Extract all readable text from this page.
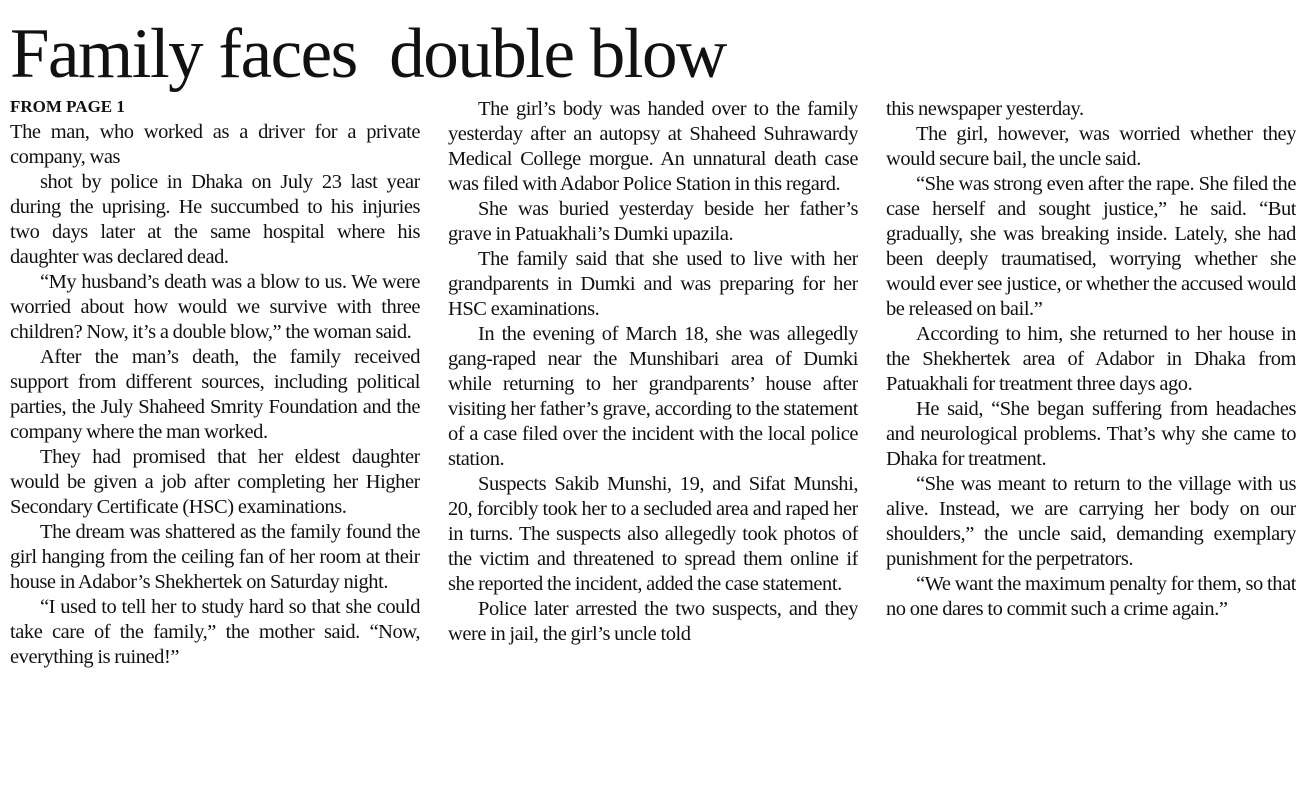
Family faces  double blow
FROM PAGE 1

The man, who worked as a driver for a private company, was

shot by police in Dhaka on July 23 last year during the uprising. He succumbed to his injuries two days later at the same hospital where his daughter was declared dead.

“My husband’s death was a blow to us. We were worried about how would we survive with three children? Now, it’s a double blow,” the woman said.

After the man’s death, the family received support from different sources, including political parties, the July Shaheed Smrity Foundation and the company where the man worked.

They had promised that her eldest daughter would be given a job after completing her Higher Secondary Certificate (HSC) examinations.

The dream was shattered as the family found the girl hanging from the ceiling fan of her room at their house in Adabor’s Shekhertek on Saturday night.

“I used to tell her to study hard so that she could take care of the family,” the mother said. “Now, everything is ruined!”

The girl’s body was handed over to the family yesterday after an autopsy at Shaheed Suhrawardy Medical College morgue. An unnatural death case was filed with Adabor Police Station in this regard.

She was buried yesterday beside her father’s grave in Patuakhali’s Dumki upazila.

The family said that she used to live with her grandparents in Dumki and was preparing for her HSC examinations.

In the evening of March 18, she was allegedly gang-raped near the Munshibari area of Dumki while returning to her grandparents’ house after visiting her father’s grave, according to the statement of a case filed over the incident with the local police station.

Suspects Sakib Munshi, 19, and Sifat Munshi, 20, forcibly took her to a secluded area and raped her in turns. The suspects also allegedly took photos of the victim and threatened to spread them online if she reported the incident, added the case statement.

Police later arrested the two suspects, and they were in jail, the girl’s uncle told

this newspaper yesterday.

The girl, however, was worried whether they would secure bail, the uncle said.

“She was strong even after the rape. She filed the case herself and sought justice,” he said. “But gradually, she was breaking inside. Lately, she had been deeply traumatised, worrying whether she would ever see justice, or whether the accused would be released on bail.”

According to him, she returned to her house in the Shekhertek area of Adabor in Dhaka from Patuakhali for treatment three days ago.

He said, “She began suffering from headaches and neurological problems. That’s why she came to Dhaka for treatment.

“She was meant to return to the village with us alive. Instead, we are carrying her body on our shoulders,” the uncle said, demanding exemplary punishment for the perpetrators.

“We want the maximum penalty for them, so that no one dares to commit such a crime again.”
